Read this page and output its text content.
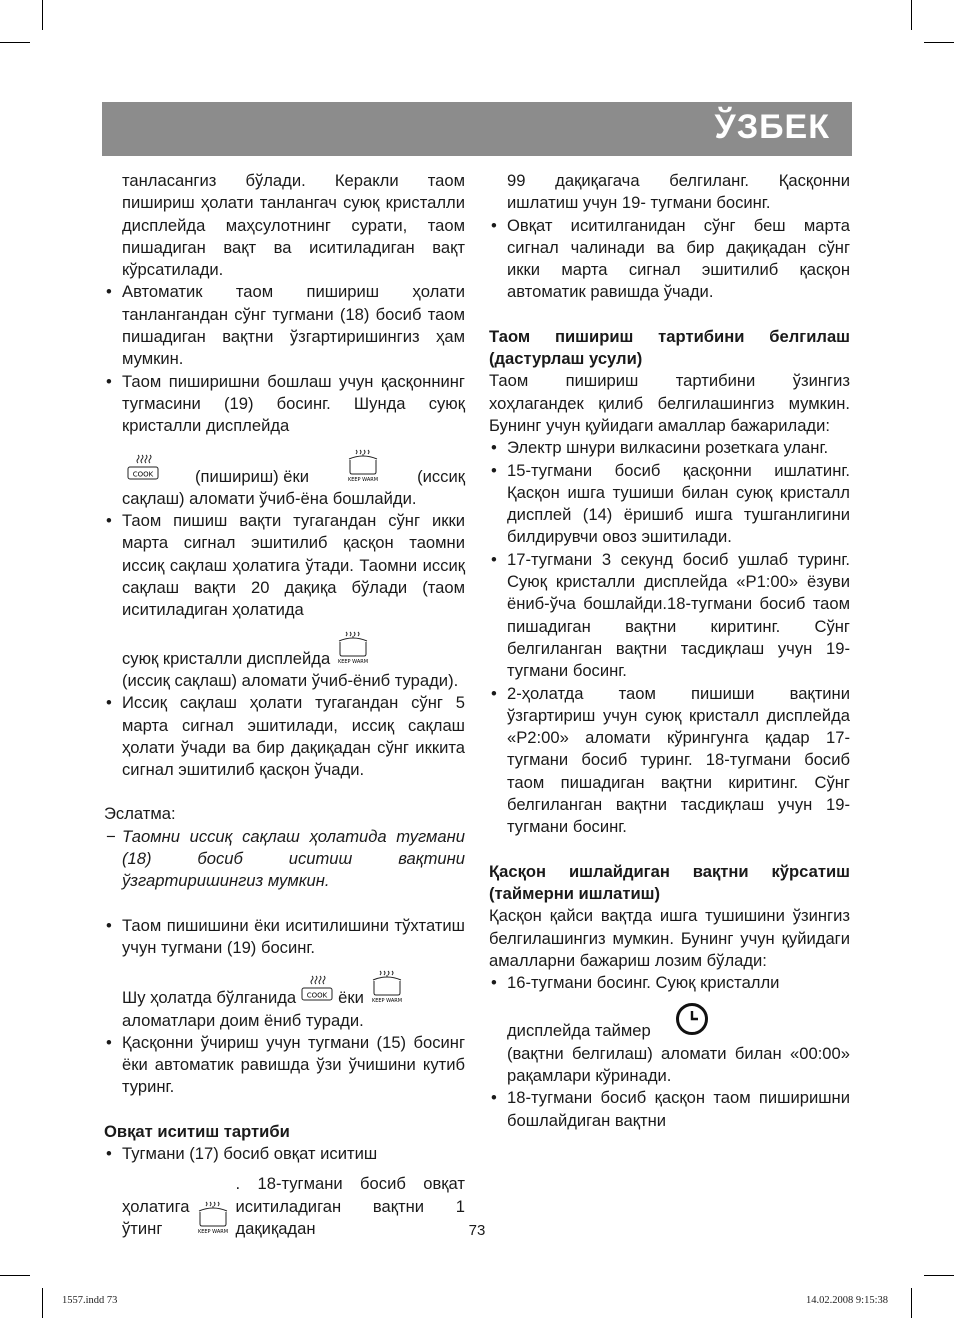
ЎЗБЕК

танласангиз бўлади. Керакли таом пишириш ҳолати танлангач суюқ кристалли дисплейда маҳсулотнинг сурати, таом пишадиган вақт ва иситиладиган вақт кўрсатилади.

• Автоматик таом пишириш ҳолати танлангандан сўнг тугмани (18) босиб таом пишадиган вақтни ўзгартиришингиз ҳам мумкин.
• Таом пиширишни бошлаш учун қасқоннинг тугмасини (19) босинг. Шунда суюқ кристалли дисплейда
COOK	(пишириш) ёки	KEEP WARM (иссиқ
сақлаш) аломати ўчиб-ёна бошлайди.
• Таом пишиш вақти тугагандан сўнг икки марта сигнал эшитилиб қасқон таомни иссиқ сақлаш ҳолатига ўтади. Таомни иссиқ сақлаш вақти 20 дақиқа бўлади (таом иситиладиган ҳолатида
суюқ кристалли дисплейда KEEP WARM
(иссиқ сақлаш) аломати ўчиб-ёниб туради).
• Иссиқ сақлаш ҳолати тугагандан сўнг 5 марта сигнал эшитилади, иссиқ сақлаш ҳолати ўчади ва бир дақиқадан сўнг иккита сигнал эшитилиб қасқон ўчади.

Эслатма:

− Таомни иссиқ сақлаш ҳолатида тугмани (18) босиб иситиш вақтини ўзгартиришингиз мумкин.
• Таом пишишини ёки иситилишини тўхтатиш учун тугмани (19) босинг.
Шу ҳолатда бўлганида COOK ёки KEEP WARM
аломатлари доим ёниб туради.
• Қасқонни ўчириш учун тугмани (15) босинг ёки автоматик равишда ўзи ўчишини кутиб туринг.

Овқат иситиш тартиби

• Тугмани (17) босиб овқат иситиш
ҳолатига ўтинг	KEEP WARM
. 18-тугмани босиб овқат иситиладиган вақтни 1 дақиқадан

99 дақиқагача белгиланг. Қасқонни ишлатиш учун 19- тугмани босинг.

• Овқат иситилганидан сўнг беш марта сигнал чалинади ва бир дақиқадан сўнг икки марта сигнал эшитилиб қасқон автоматик равишда ўчади.

Таом пишириш тартибини белгилаш (дастурлаш усули)

Таом пишириш тартибини ўзингиз хоҳлагандек қилиб белгилашингиз мумкин. Бунинг учун қуйидаги амаллар бажарилади:

• Электр шнури вилкасини розеткага уланг.
• 15-тугмани босиб қасқонни ишлатинг. Қасқон ишга тушиши билан суюқ кристалл дисплей (14) ёришиб ишга тушганлигини билдирувчи овоз эшитилади.
• 17-тугмани 3 секунд босиб ушлаб туринг. Суюқ кристалли дисплейда «P1:00» ёзуви ёниб-ўча бошлайди.18-тугмани босиб таом пишадиган вақтни киритинг. Сўнг белгиланган вақтни тасдиқлаш учун 19-тугмани босинг.
• 2-ҳолатда таом пишиши вақтини ўзгартириш учун суюқ кристалл дисплейда «P2:00» аломати кўрингунга қадар 17-тугмани босиб туринг. 18-тугмани босиб таом пишадиган вақтни киритинг. Сўнг белгиланган вақтни тасдиқлаш учун 19-тугмани босинг.

Қасқон ишлайдиган вақтни кўрсатиш (таймерни ишлатиш)

Қасқон қайси вақтда ишга тушишини ўзингиз белгилашингиз мумкин. Бунинг учун қуйидаги амалларни бажариш лозим бўлади:

• 16-тугмани босинг. Суюқ кристалли
дисплейда таймер
(вақтни белгилаш) аломати билан «00:00» рақамлари кўринади.
• 18-тугмани босиб қасқон таом пиширишни бошлайдиган вақтни
73
1557.indd 73	14.02.2008 9:15:38
